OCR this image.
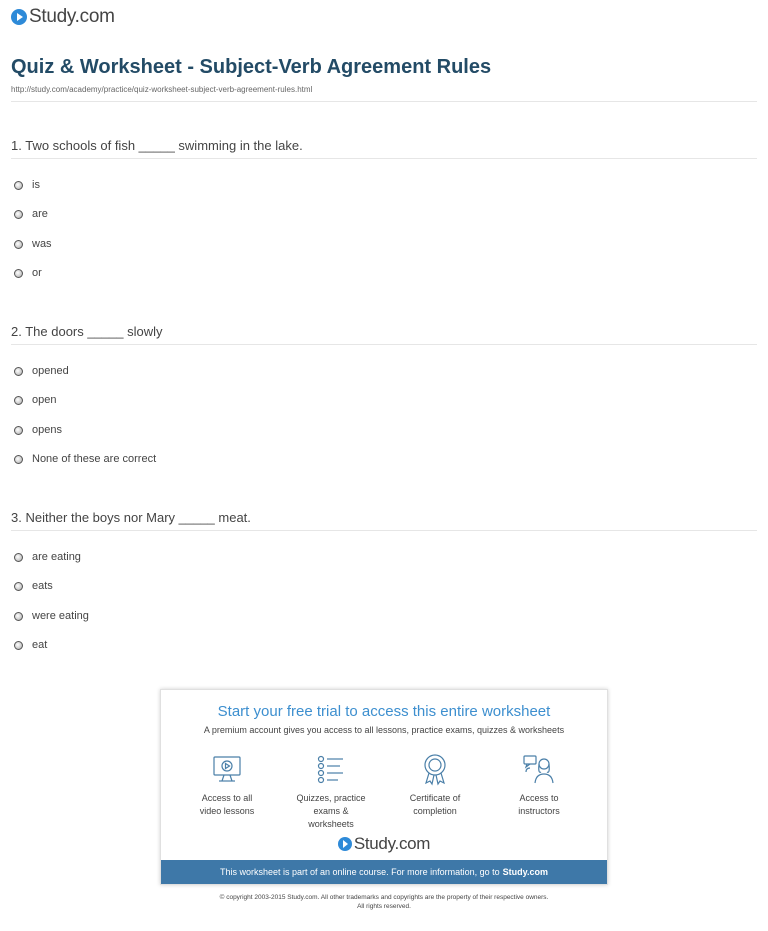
Study.com
Quiz & Worksheet - Subject-Verb Agreement Rules
http://study.com/academy/practice/quiz-worksheet-subject-verb-agreement-rules.html
1. Two schools of fish _____ swimming in the lake.
is
are
was
or
2. The doors _____ slowly
opened
open
opens
None of these are correct
3. Neither the boys nor Mary _____ meat.
are eating
eats
were eating
eat
Start your free trial to access this entire worksheet
A premium account gives you access to all lessons, practice exams, quizzes & worksheets
Access to all
video lessons
Quizzes, practice
exams & worksheets
Certificate of
completion
Access to
instructors
Study.com
This worksheet is part of an online course. For more information, go to Study.com
© copyright 2003-2015 Study.com. All other trademarks and copyrights are the property of their respective owners.
All rights reserved.
